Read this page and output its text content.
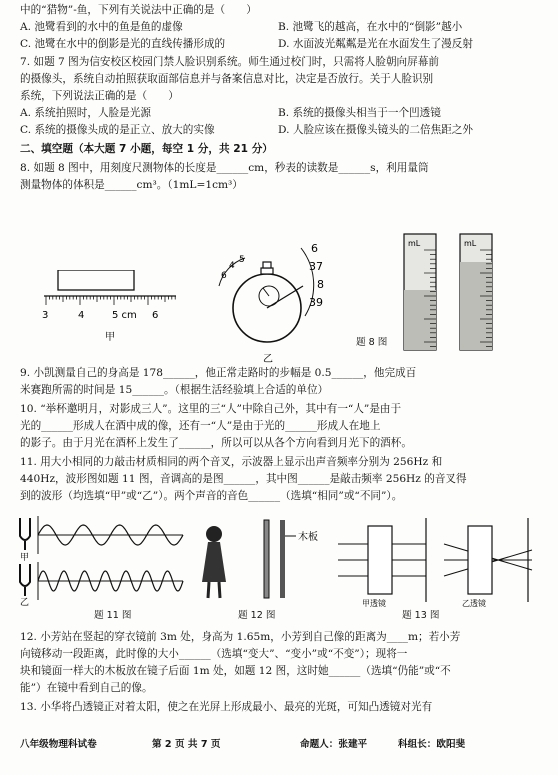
中的“猎物”-鱼，下列有关说法中正确的是（　　）
A. 池鹭看到的水中的鱼是鱼的虚像	B. 池鹭飞的越高，在水中的“倒影”越小
C. 池鹭在水中的倒影是光的直线传播形成的	D. 水面波光粼粼是光在水面发生了漫反射
7. 如题 7 图为信安校区校园门禁人脸识别系统。师生通过校门时，只需将人脸朝向屏幕前
的摄像头，系统自动拍照获取面部信息并与备案信息对比，决定是否放行。关于人脸识别
系统，下列说法正确的是（　　）
A. 系统拍照时，人脸是光源	B. 系统的摄像头相当于一个凹透镜
C. 系统的摄像头成的是正立、放大的实像	D. 人脸应该在摄像头镜头的二倍焦距之外
二、填空题（本大题 7 小题，每空 1 分，共 21 分）
8. 如题 8 图中，用刻度尺测物体的长度是______cm，秒表的读数是______s，利用量筒
测量物体的体积是______cm³。（1mL=1cm³）
3	4	5 cm 6
甲
6
4
5
6
37
8
39
乙
题 8 图
mL	mL
9. 小凯测量自己的身高是 178______，他正常走路时的步幅是 0.5______，他完成百
米赛跑所需的时间是 15______。（根据生活经验填上合适的单位）
10. “举杯邀明月，对影成三人”。这里的三“人”中除自己外，其中有一“人”是由于
光的______形成人在酒中成的像，还有一“人”是由于光的______形成人在地上
的影子。由于月光在酒杯上发生了______，所以可以从各个方向看到月光下的酒杯。
11. 用大小相同的力敲击材质相同的两个音叉，示波器上显示出声音频率分别为 256Hz 和
440Hz，波形图如题 11 图，音调高的是图______，其中图______是敲击频率 256Hz 的音叉得
到的波形（均选填“甲”或“乙”）。两个声音的音色______（选填“相同”或“不同”）。
甲
乙
木板
甲透镜	乙透镜
题 11 图	题 12 图	题 13 图
12. 小芳站在竖起的穿衣镜前 3m 处，身高为 1.65m，小芳到自己像的距离为____m；若小芳
向镜移动一段距离，此时像的大小______（选填“变大”、“变小”或“不变”）；现将一
块和镜面一样大的木板放在镜子后面 1m 处，如题 12 图，这时她______（选填“仍能”或“不
能”）在镜中看到自己的像。
13. 小华将凸透镜正对着太阳，使之在光屏上形成最小、最亮的光斑，可知凸透镜对光有
八年级物理科试卷	第 2 页 共 7 页	命题人：张建平	科组长：欧阳斐
